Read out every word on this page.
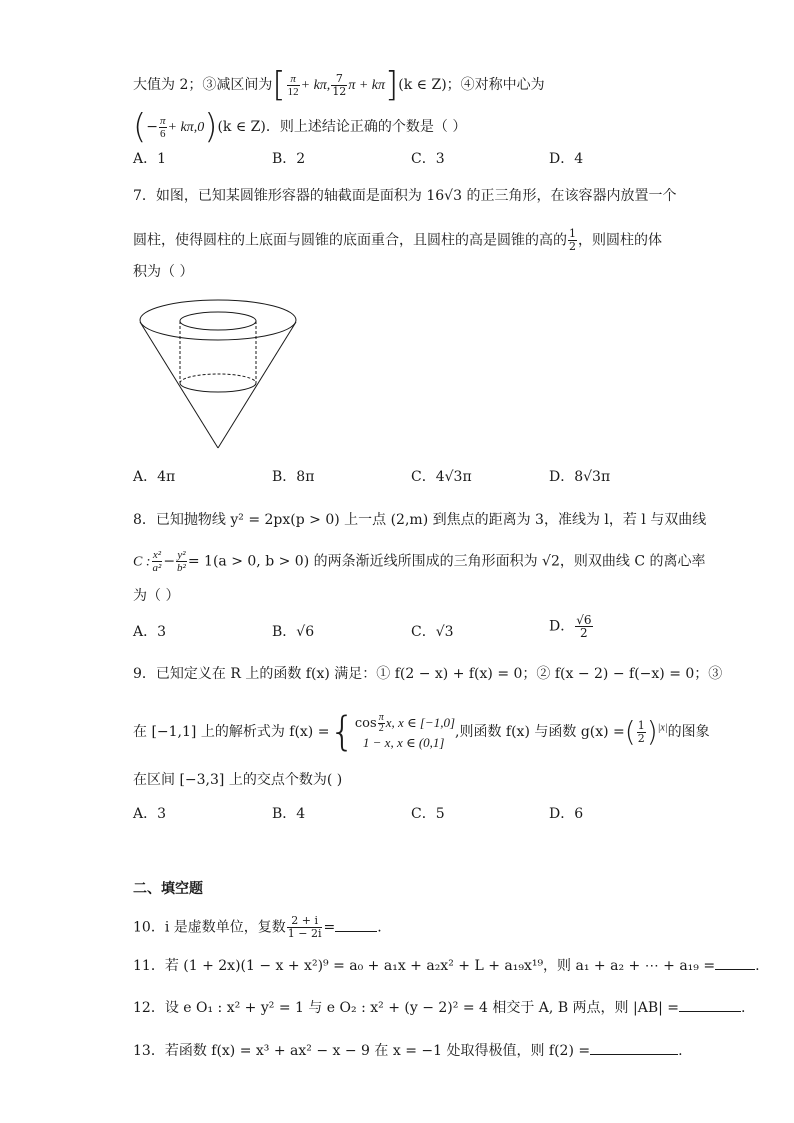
大值为 2；③减区间为[ $\frac{\pi}{12} + k\pi$, $\frac{7}{12}$ π + kπ](k ∈ Z)；④对称中心为
(− $\frac{\pi}{6} + k\pi,0)(k$ ∈ Z)．则上述结论正确的个数是（ ）
A．1	B．2	C．3	D．4
7．如图，已知某圆锥形容器的轴截面是面积为 16√3 的正三角形，在该容器内放置一个
圆柱，使得圆柱的上底面与圆锥的底面重合，且圆柱的高是圆锥的高的 $\frac{1}{2}$ ，则圆柱的体
积为（ ）
A．4π	B．8π	C．4√3π	D．8√3π
8．已知抛物线 y² = 2px(p > 0) 上一点 (2,m) 到焦点的距离为 3，准线为 l，若 l 与双曲线
C : $\frac{\text{x²}}{\text{a²}} - \frac{\text{y²}}{\text{b²}} = 1(a > 0$, b > 0) 的两条渐近线所围成的三角形面积为 √2，则双曲线 C 的离心率
为（ ）
A．3	B．√6	C．√3	D． $\frac{√6}{2}$
9．已知定义在 R 上的函数 f(x) 满足：① f(2 − x) + f(x) = 0；② f(x − 2) − f(−x) = 0；③
在 [−1,1] 上的解析式为 f(x) ={ $\cos \frac{\pi}{2} x$, x ∈ [−1,0]
1 − x, x ∈ (0,1]
,则函数 f(x) 与函数 g(x) =( $\frac{1}{2} )^{|x|}$的图象
在区间 [−3,3] 上的交点个数为( )
A．3	B．4	C．5	D．6
二、填空题
10．i 是虚数单位，复数 $\frac{2 + i}{1 - 2i}$ =	.
11．若 (1 + 2x)(1 − x + x²)⁹ = a₀ + a₁x + a₂x² + L + a₁₉x¹⁹，则 a₁ + a₂ + ⋯ + a₁₉ =	.
12．设 e O₁ : x² + y² = 1 与 e O₂ : x² + (y − 2)² = 4 相交于 A, B 两点，则 |AB| =	.
13．若函数 f(x) = x³ + ax² − x − 9 在 x = −1 处取得极值，则 f(2) =	.
